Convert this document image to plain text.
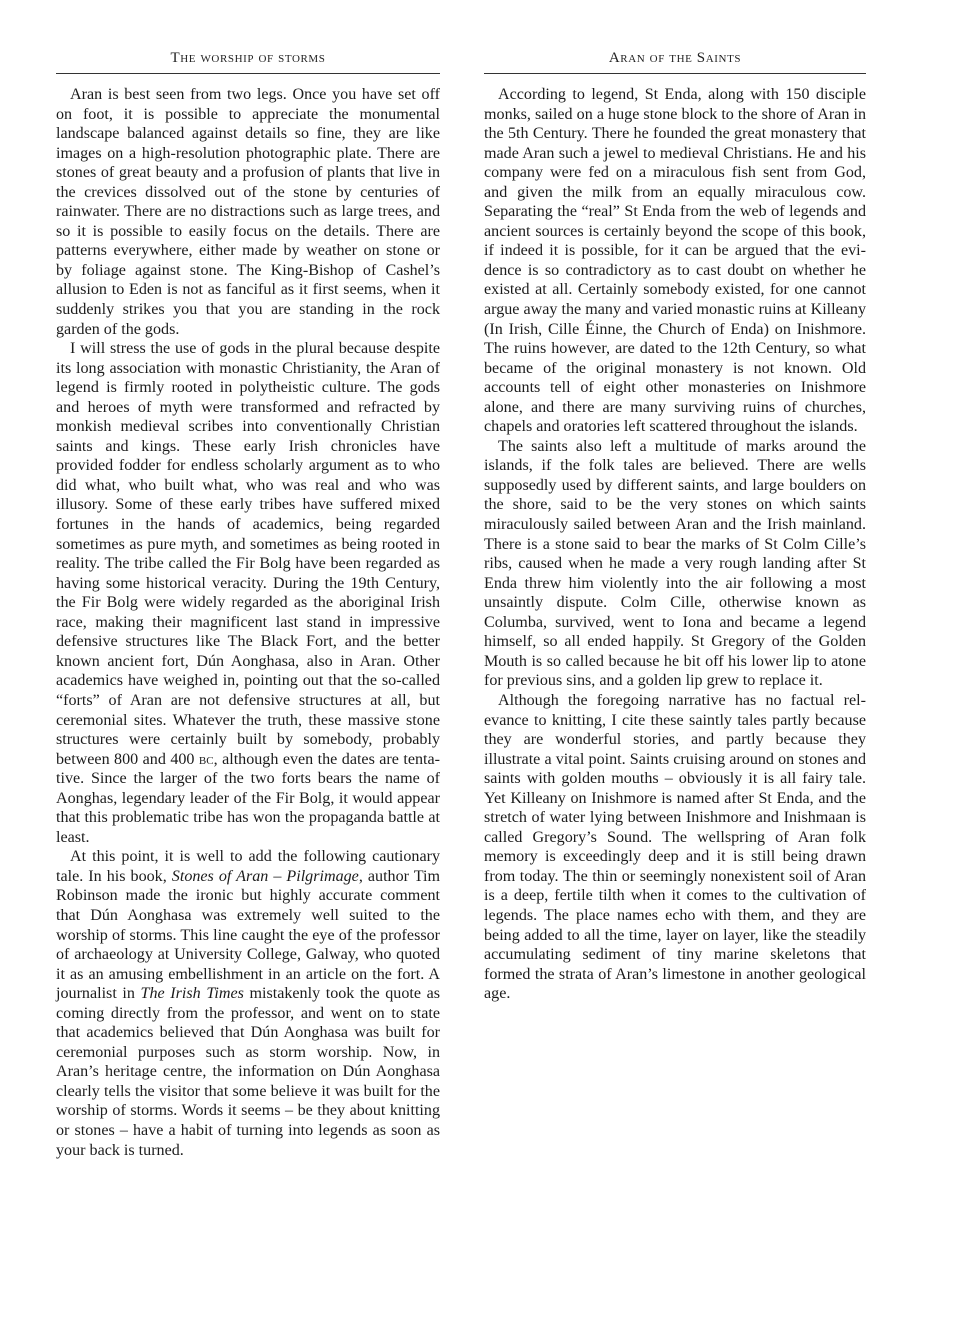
The worship of storms

Aran is best seen from two legs. Once you have set off on foot, it is possible to appreciate the monumental landscape balanced against details so fine, they are like images on a high-resolution photographic plate. There are stones of great beauty and a profusion of plants that live in the crevices dissolved out of the stone by centuries of rainwater. There are no distractions such as large trees, and so it is possible to easily focus on the details. There are patterns everywhere, either made by weather on stone or by foliage against stone. The King-Bishop of Cashel’s allusion to Eden is not as fanciful as it first seems, when it suddenly strikes you that you are standing in the rock garden of the gods.

I will stress the use of gods in the plural because despite its long association with monastic Christianity, the Aran of legend is firmly rooted in polytheistic culture. The gods and heroes of myth were transformed and refracted by monkish medieval scribes into conventionally Christian saints and kings. These early Irish chronicles have provided fodder for endless scholarly argument as to who did what, who built what, who was real and who was illusory. Some of these early tribes have suffered mixed fortunes in the hands of academics, being regarded sometimes as pure myth, and sometimes as being rooted in reality. The tribe called the Fir Bolg have been regarded as having some historical veracity. During the 19th Century, the Fir Bolg were widely regarded as the aboriginal Irish race, making their magnificent last stand in impressive defensive structures like The Black Fort, and the better known ancient fort, Dún Aonghasa, also in Aran. Other academics have weighed in, pointing out that the so-called “forts” of Aran are not defensive structures at all, but ceremonial sites. Whatever the truth, these massive stone structures were certainly built by somebody, probably between 800 and 400 bc, although even the dates are tentative. Since the larger of the two forts bears the name of Aonghas, legendary leader of the Fir Bolg, it would appear that this problematic tribe has won the propaganda battle at least.

At this point, it is well to add the following cautionary tale. In his book, Stones of Aran – Pilgrimage, author Tim Robinson made the ironic but highly accurate comment that Dún Aonghasa was extremely well suited to the worship of storms. This line caught the eye of the professor of archaeology at University College, Galway, who quoted it as an amusing embellishment in an article on the fort. A journalist in The Irish Times mistakenly took the quote as coming directly from the professor, and went on to state that academics believed that Dún Aonghasa was built for ceremonial purposes such as storm worship. Now, in Aran’s heritage centre, the information on Dún Aonghasa clearly tells the visitor that some believe it was built for the worship of storms. Words it seems – be they about knitting or stones – have a habit of turning into legends as soon as your back is turned.

Aran of the Saints

According to legend, St Enda, along with 150 disciple monks, sailed on a huge stone block to the shore of Aran in the 5th Century. There he founded the great monastery that made Aran such a jewel to medieval Christians. He and his company were fed on a miraculous fish sent from God, and given the milk from an equally miraculous cow. Separating the “real” St Enda from the web of legends and ancient sources is certainly beyond the scope of this book, if indeed it is possible, for it can be argued that the evidence is so contradictory as to cast doubt on whether he existed at all. Certainly somebody existed, for one cannot argue away the many and varied monastic ruins at Killeany (In Irish, Cille Éinne, the Church of Enda) on Inishmore. The ruins however, are dated to the 12th Century, so what became of the original monastery is not known. Old accounts tell of eight other monasteries on Inishmore alone, and there are many surviving ruins of churches, chapels and oratories left scattered throughout the islands.

The saints also left a multitude of marks around the islands, if the folk tales are believed. There are wells supposedly used by different saints, and large boulders on the shore, said to be the very stones on which saints miraculously sailed between Aran and the Irish mainland. There is a stone said to bear the marks of St Colm Cille’s ribs, caused when he made a very rough landing after St Enda threw him violently into the air following a most unsaintly dispute. Colm Cille, otherwise known as Columba, survived, went to Iona and became a legend himself, so all ended happily. St Gregory of the Golden Mouth is so called because he bit off his lower lip to atone for previous sins, and a golden lip grew to replace it.

Although the foregoing narrative has no factual relevance to knitting, I cite these saintly tales partly because they are wonderful stories, and partly because they illustrate a vital point. Saints cruising around on stones and saints with golden mouths – obviously it is all fairy tale. Yet Killeany on Inishmore is named after St Enda, and the stretch of water lying between Inishmore and Inishmaan is called Gregory’s Sound. The wellspring of Aran folk memory is exceedingly deep and it is still being drawn from today. The thin or seemingly nonexistent soil of Aran is a deep, fertile tilth when it comes to the cultivation of legends. The place names echo with them, and they are being added to all the time, layer on layer, like the steadily accumulating sediment of tiny marine skeletons that formed the strata of Aran’s limestone in another geological age.
